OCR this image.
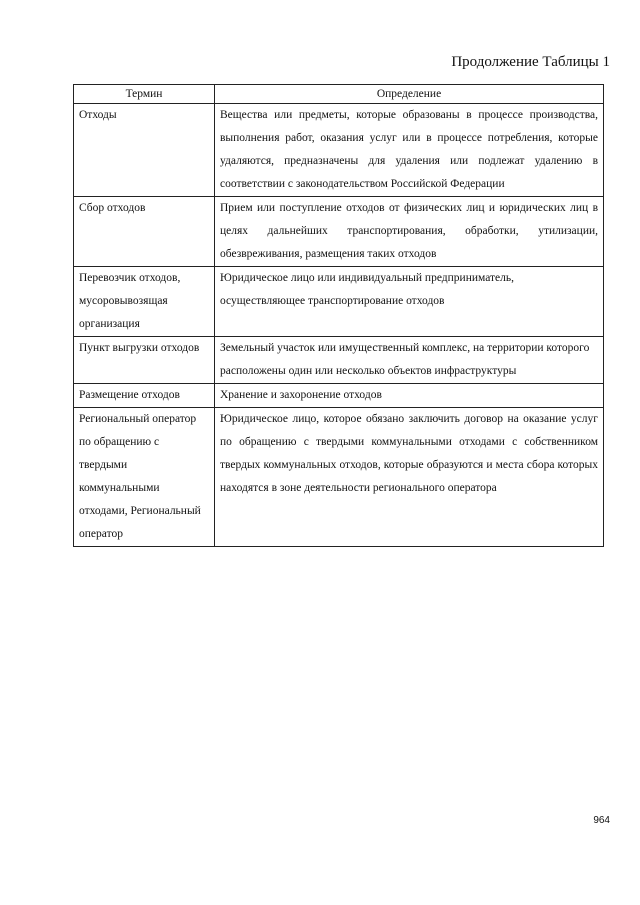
Продолжение Таблицы 1
Термин	Определение
Отходы	Вещества или предметы, которые образованы в процессе производства, выполнения работ, оказания услуг или в процессе потребления, которые удаляются, предназначены для удаления или подлежат удалению в соответствии с законодательством Российской Федерации
Сбор отходов	Прием или поступление отходов от физических лиц и юридических лиц в целях дальнейших транспортирования, обработки, утилизации, обезвреживания, размещения таких отходов
Перевозчик отходов, мусоровывозящая организация	Юридическое лицо или индивидуальный предприниматель, осуществляющее транспортирование отходов
Пункт выгрузки отходов	Земельный участок или имущественный комплекс, на территории которого расположены один или несколько объектов инфраструктуры
Размещение отходов	Хранение и захоронение отходов
Региональный оператор по обращению с твердыми коммунальными отходами, Региональный оператор	Юридическое лицо, которое обязано заключить договор на оказание услуг по обращению с твердыми коммунальными отходами с собственником твердых коммунальных отходов, которые образуются и места сбора которых находятся в зоне деятельности регионального оператора
964
